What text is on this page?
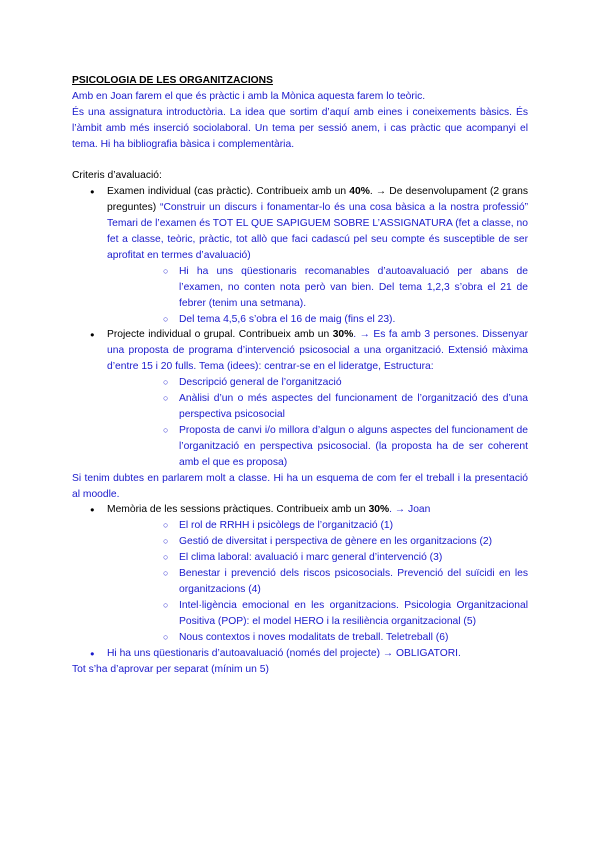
PSICOLOGIA DE LES ORGANITZACIONS

Amb en Joan farem el que és pràctic i amb la Mònica aquesta farem lo teòric.

És una assignatura introductòria. La idea que sortim d’aquí amb eines i coneixements bàsics. És l’àmbit amb més inserció sociolaboral. Un tema per sessió anem, i cas pràctic que acompanyi el tema. Hi ha bibliografia bàsica i complementària.

Criteris d’avaluació:

● Examen individual (cas pràctic). Contribueix amb un 40%. → De desenvolupament (2 grans preguntes) “Construir un discurs i fonamentar-lo és una cosa bàsica a la nostra professió” Temari de l’examen és TOT EL QUE SAPIGUEM SOBRE L’ASSIGNATURA (fet a classe, no fet a classe, teòric, pràctic, tot allò que faci cadascú pel seu compte és susceptible de ser aprofitat en termes d’avaluació)
○ Hi ha uns qüestionaris recomanables d’autoavaluació per abans de l’examen, no conten nota però van bien. Del tema 1,2,3 s’obra el 21 de febrer (tenim una setmana).
○ Del tema 4,5,6 s’obra el 16 de maig (fins el 23).
● Projecte individual o grupal. Contribueix amb un 30%. → Es fa amb 3 persones. Dissenyar una proposta de programa d’intervenció psicosocial a una organització. Extensió màxima d’entre 15 i 20 fulls. Tema (idees): centrar-se en el lideratge, Estructura:
○ Descripció general de l’organització
○ Anàlisi d’un o més aspectes del funcionament de l’organització des d’una perspectiva psicosocial
○ Proposta de canvi i/o millora d’algun o alguns aspectes del funcionament de l’organització en perspectiva psicosocial. (la proposta ha de ser coherent amb el que es proposa)

Si tenim dubtes en parlarem molt a classe. Hi ha un esquema de com fer el treball i la presentació al moodle.

● Memòria de les sessions pràctiques. Contribueix amb un 30%. → Joan
○ El rol de RRHH i psicòlegs de l’organització (1)
○ Gestió de diversitat i perspectiva de gènere en les organitzacions (2)
○ El clima laboral: avaluació i marc general d’intervenció (3)
○ Benestar i prevenció dels riscos psicosocials. Prevenció del suïcidi en les organitzacions (4)
○ Intel·ligència emocional en les organitzacions. Psicologia Organitzacional Positiva (POP): el model HERO i la resiliència organitzacional (5)
○ Nous contextos i noves modalitats de treball. Teletreball (6)
● Hi ha uns qüestionaris d’autoavaluació (només del projecte) → OBLIGATORI.

Tot s’ha d’aprovar per separat (mínim un 5)
